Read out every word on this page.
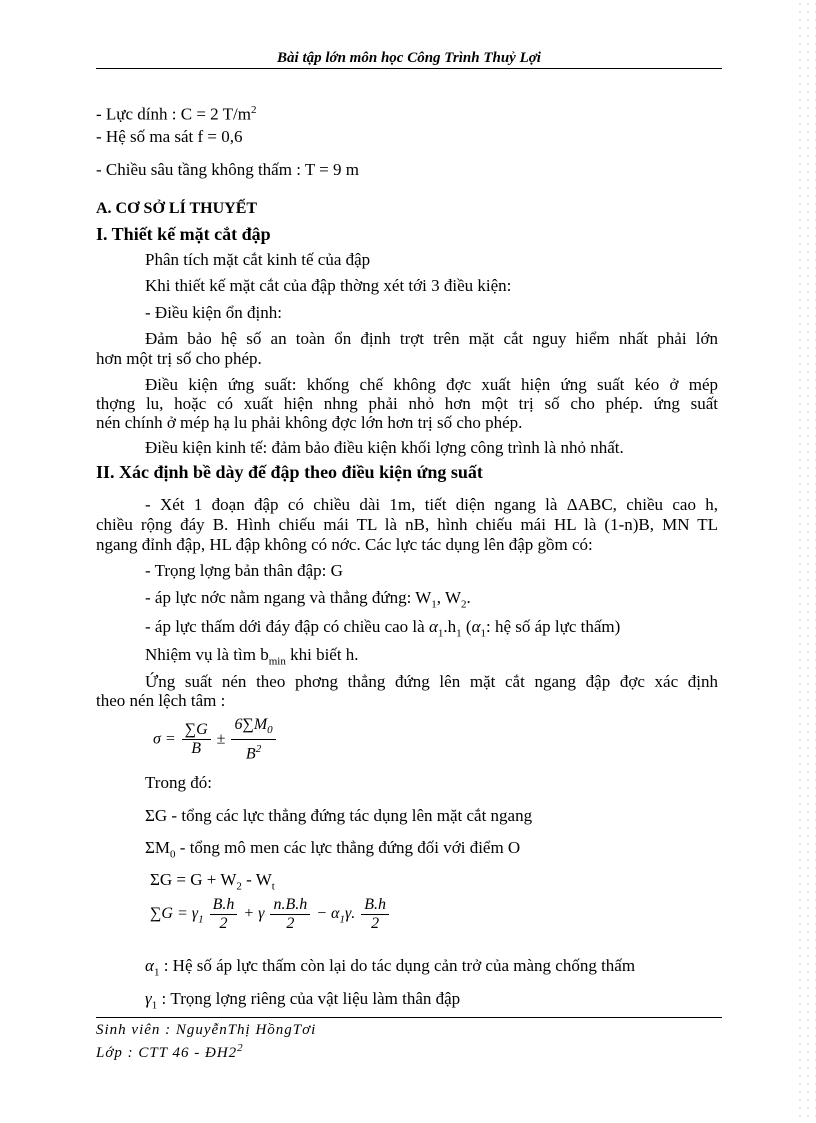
Bài tập lớn môn học Công Trình Thuỷ Lợi
- Lực dính : C = 2 $T/m^2$
- Hệ số ma sát f = 0,6
- Chiều sâu tầng không thấm : T = 9 m
A. CƠ SỞ LÍ THUYẾT
I. Thiết kế mặt cắt đập
Phân tích mặt cắt kinh tế của đập
Khi thiết kế mặt cắt của đập thờng xét tới 3 điều kiện:
- Điều kiện ổn định:
Đảm bảo hệ số an toàn ổn định trợt trên mặt cắt nguy hiểm nhất phải lớn
hơn một trị số cho phép.
Điều kiện ứng suất: khống chế không đợc xuất hiện ứng suất kéo ở mép
thợng lu, hoặc có xuất hiện nhng phải nhỏ hơn một trị số cho phép. ứng suất
nén chính ở mép hạ lu phải không đợc lớn hơn trị số cho phép.
Điều kiện kinh tế: đảm bảo điều kiện khối lợng công trình là nhỏ nhất.
II. Xác định bề dày đế đập theo điều kiện ứng suất
- Xét 1 đoạn đập có chiều dài 1m, tiết diện ngang là ΔABC, chiều cao h,
chiều rộng đáy B. Hình chiếu mái TL là nB, hình chiếu mái HL là (1-n)B, MN TL
ngang đỉnh đập, HL đập không có nớc. Các lực tác dụng lên đập gồm có:
- Trọng lợng bản thân đập: G
- áp lực nớc nằm ngang và thẳng đứng: $W_1$, $W_2$.
- áp lực thấm dới đáy đập có chiều cao là $\alpha_1.h_1$ ($\alpha_1$: hệ số áp lực thấm)
Nhiệm vụ là tìm $b_{min}$ khi biết h.
Ứng suất nén theo phơng thẳng đứng lên mặt cắt ngang đập đợc xác định
theo nén lệch tâm :
$\sigma = \frac{\sum G}{B} \pm \frac{6\sum M_0}{B^2}$
Trong đó:
ΣG - tổng các lực thẳng đứng tác dụng lên mặt cắt ngang
$\Sigma M_0$ - tổng mô men các lực thẳng đứng đối với điểm O
$\Sigma G = G + W_2 - W_t$
$\sum G = \gamma_1 \frac{B.h}{2} + \gamma \frac{n.B.h}{2} - \alpha_1\gamma$. $\frac{B.h}{2}$
$\alpha_1$ : Hệ số áp lực thấm còn lại do tác dụng cản trở của màng chống thấm
$\gamma_1$ : Trọng lợng riêng của vật liệu làm thân đập
Sinh viên : NguyễnThị HồngTơi
Lớp : CTT $46 - ĐH2^2$
